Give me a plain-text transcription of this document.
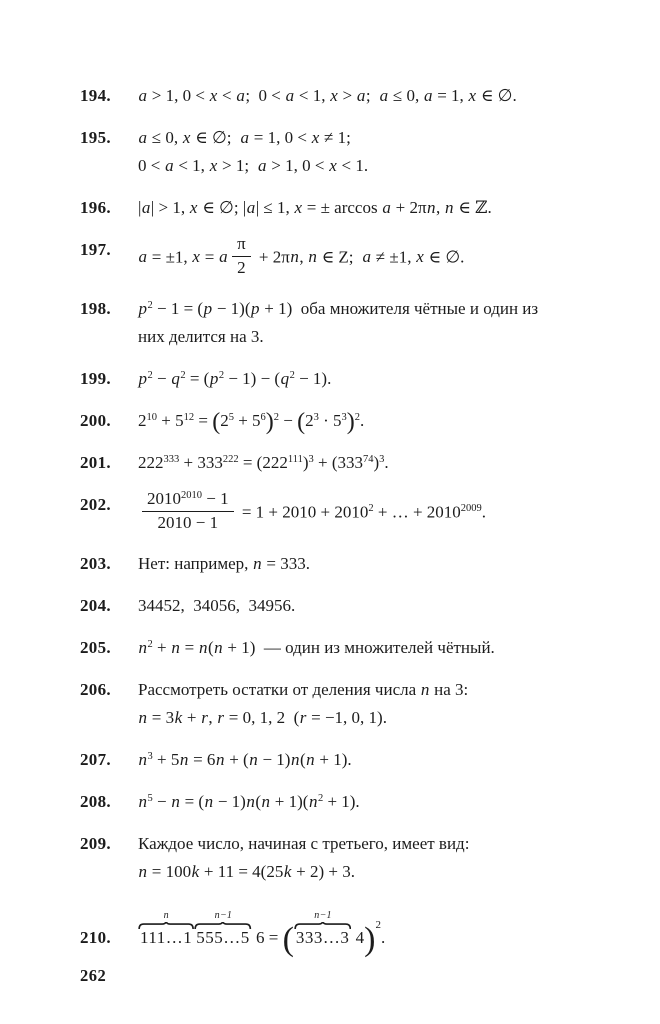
194.	a > 1, 0 < x < a;  0 < a < 1, x > a;  a ≤ 0, a = 1, x ∈ ∅.
195.	a ≤ 0, x ∈ ∅;  a = 1, 0 < x ≠ 1;
0 < a < 1, x > 1;  a > 1, 0 < x < 1.
196.	|a| > 1, x ∈ ∅; |a| ≤ 1, x = ± arccos a + 2πn, n ∈ ℤ.
197.	a = ±1, x = a $\frac{\pi}{2} + 2\pi n$, n ∈ Z;  a ≠ ±1, x ∈ ∅.
198.	$p^2 - 1 = (p - 1)(p + 1)$  оба множителя чётные и один из
них делится на 3.
199.	$p^2 - q^2 = (p^2 - 1) - (q^2 - 1)$.
200.	$2^{10} + 5^{12} = (2^5 + 5^6)^2 - (2^3 \cdot 5^3)^2$.
201.	$222^{333} + 333^{222} = (222^{111})^3 + (333^{74})^3$.
202.	$\frac{2010^{2010} - 1}{2010 - 1} = 1 + 2010 + 2010^2$ + … + $2010^{2009}$.
203.	Нет: например, n = 333.
204.	34452,  34056,  34956.
205.	$n^2 + n = n(n + 1)$  — один из множителей чётный.
206.	Рассмотреть остатки от деления числа n на 3:
n = 3k + r, r = 0, 1, 2  (r = −1, 0, 1).
207.	$n^3 + 5n = 6n + (n - 1)n(n + 1)$.
208.	$n^5 - n = (n - 1)n(n + 1)(n^2 + 1)$.
209.	Каждое число, начиная с третьего, имеет вид:
n = 100k + 11 = 4(25k + 2) + 3.
210.
n
111…1
n−1
555…5 6 = (
n−1
333…3 4)$^2$.
262
